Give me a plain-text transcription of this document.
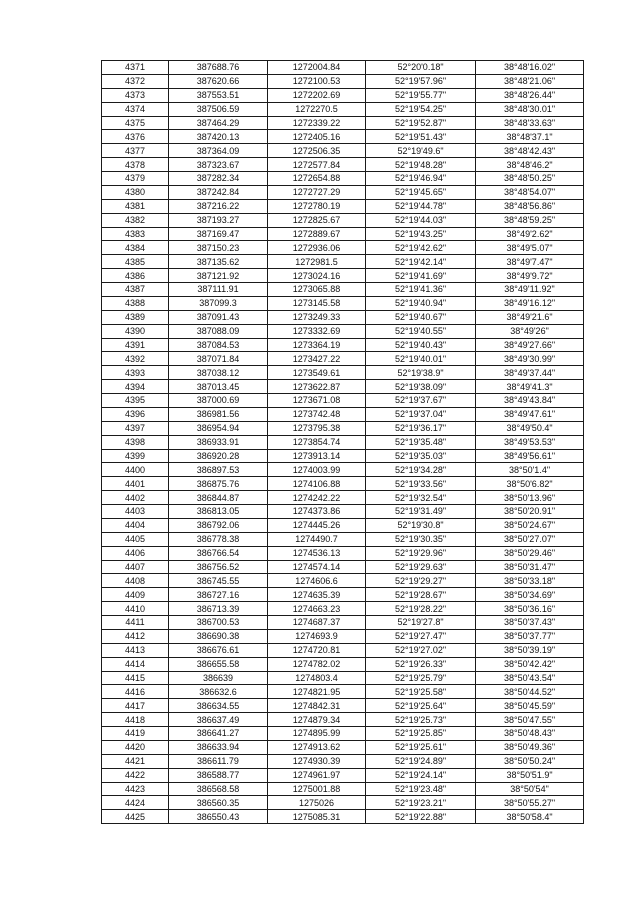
4371	387688.76	1272004.84	52°20'0.18"	38°48'16.02"
4372	387620.66	1272100.53	52°19'57.96"	38°48'21.06"
4373	387553.51	1272202.69	52°19'55.77"	38°48'26.44"
4374	387506.59	1272270.5	52°19'54.25"	38°48'30.01"
4375	387464.29	1272339.22	52°19'52.87"	38°48'33.63"
4376	387420.13	1272405.16	52°19'51.43"	38°48'37.1"
4377	387364.09	1272506.35	52°19'49.6"	38°48'42.43"
4378	387323.67	1272577.84	52°19'48.28"	38°48'46.2"
4379	387282.34	1272654.88	52°19'46.94"	38°48'50.25"
4380	387242.84	1272727.29	52°19'45.65"	38°48'54.07"
4381	387216.22	1272780.19	52°19'44.78"	38°48'56.86"
4382	387193.27	1272825.67	52°19'44.03"	38°48'59.25"
4383	387169.47	1272889.67	52°19'43.25"	38°49'2.62"
4384	387150.23	1272936.06	52°19'42.62"	38°49'5.07"
4385	387135.62	1272981.5	52°19'42.14"	38°49'7.47"
4386	387121.92	1273024.16	52°19'41.69"	38°49'9.72"
4387	387111.91	1273065.88	52°19'41.36"	38°49'11.92"
4388	387099.3	1273145.58	52°19'40.94"	38°49'16.12"
4389	387091.43	1273249.33	52°19'40.67"	38°49'21.6"
4390	387088.09	1273332.69	52°19'40.55"	38°49'26"
4391	387084.53	1273364.19	52°19'40.43"	38°49'27.66"
4392	387071.84	1273427.22	52°19'40.01"	38°49'30.99"
4393	387038.12	1273549.61	52°19'38.9"	38°49'37.44"
4394	387013.45	1273622.87	52°19'38.09"	38°49'41.3"
4395	387000.69	1273671.08	52°19'37.67"	38°49'43.84"
4396	386981.56	1273742.48	52°19'37.04"	38°49'47.61"
4397	386954.94	1273795.38	52°19'36.17"	38°49'50.4"
4398	386933.91	1273854.74	52°19'35.48"	38°49'53.53"
4399	386920.28	1273913.14	52°19'35.03"	38°49'56.61"
4400	386897.53	1274003.99	52°19'34.28"	38°50'1.4"
4401	386875.76	1274106.88	52°19'33.56"	38°50'6.82"
4402	386844.87	1274242.22	52°19'32.54"	38°50'13.96"
4403	386813.05	1274373.86	52°19'31.49"	38°50'20.91"
4404	386792.06	1274445.26	52°19'30.8"	38°50'24.67"
4405	386778.38	1274490.7	52°19'30.35"	38°50'27.07"
4406	386766.54	1274536.13	52°19'29.96"	38°50'29.46"
4407	386756.52	1274574.14	52°19'29.63"	38°50'31.47"
4408	386745.55	1274606.6	52°19'29.27"	38°50'33.18"
4409	386727.16	1274635.39	52°19'28.67"	38°50'34.69"
4410	386713.39	1274663.23	52°19'28.22"	38°50'36.16"
4411	386700.53	1274687.37	52°19'27.8"	38°50'37.43"
4412	386690.38	1274693.9	52°19'27.47"	38°50'37.77"
4413	386676.61	1274720.81	52°19'27.02"	38°50'39.19"
4414	386655.58	1274782.02	52°19'26.33"	38°50'42.42"
4415	386639	1274803.4	52°19'25.79"	38°50'43.54"
4416	386632.6	1274821.95	52°19'25.58"	38°50'44.52"
4417	386634.55	1274842.31	52°19'25.64"	38°50'45.59"
4418	386637.49	1274879.34	52°19'25.73"	38°50'47.55"
4419	386641.27	1274895.99	52°19'25.85"	38°50'48.43"
4420	386633.94	1274913.62	52°19'25.61"	38°50'49.36"
4421	386611.79	1274930.39	52°19'24.89"	38°50'50.24"
4422	386588.77	1274961.97	52°19'24.14"	38°50'51.9"
4423	386568.58	1275001.88	52°19'23.48"	38°50'54"
4424	386560.35	1275026	52°19'23.21"	38°50'55.27"
4425	386550.43	1275085.31	52°19'22.88"	38°50'58.4"
